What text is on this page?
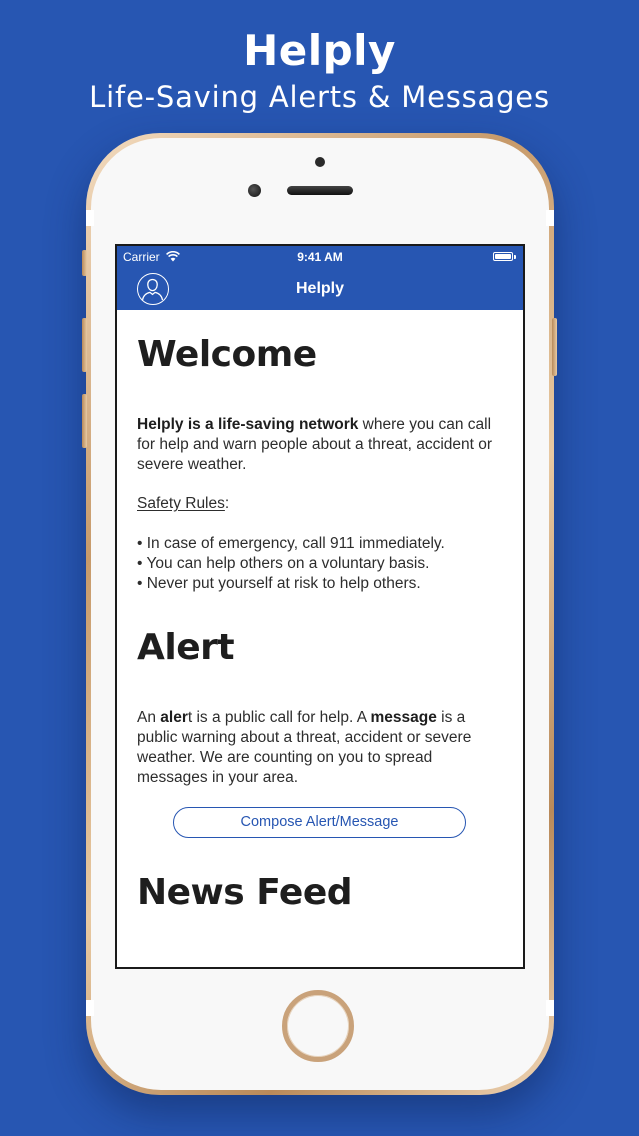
Helply
Life-Saving Alerts & Messages
Carrier	9:41 AM
Helply
Welcome
Helply is a life-saving network where you can call for help and warn people about a threat, accident or severe weather.
Safety Rules:
• In case of emergency, call 911 immediately.
• You can help others on a voluntary basis.
• Never put yourself at risk to help others.
Alert
An alert is a public call for help. A message is a public warning about a threat, accident or severe weather. We are counting on you to spread messages in your area.
Compose Alert/Message
News Feed
